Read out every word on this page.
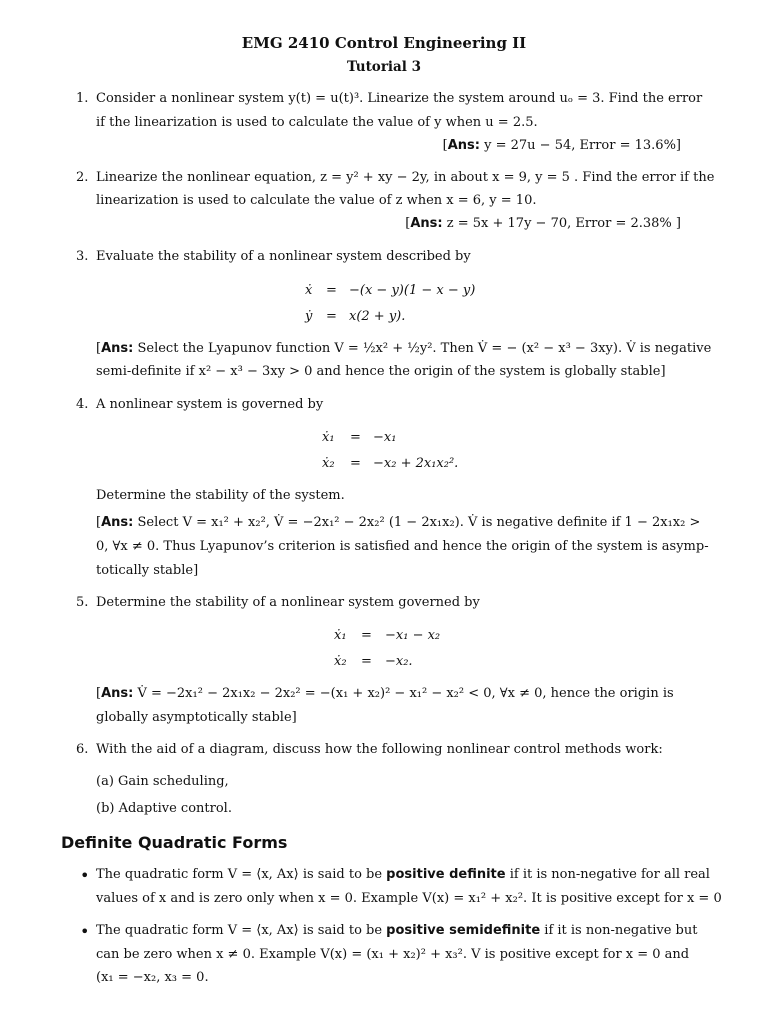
EMG 2410 Control Engineering II
Tutorial 3
1. Consider a nonlinear system y(t) = u(t)³. Linearize the system around uₒ = 3. Find the error
if the linearization is used to calculate the value of y when u = 2.5.
[Ans: y = 27u − 54, Error = 13.6%]
2. Linearize the nonlinear equation, z = y² + xy − 2y, in about x = 9, y = 5 . Find the error if the
linearization is used to calculate the value of z when x = 6, y = 10.
[Ans: z = 5x + 17y − 70, Error = 2.38% ]
3. Evaluate the stability of a nonlinear system described by
ẋ = −(x − y)(1 − x − y)
ẏ = x(2 + y).
[Ans: Select the Lyapunov function V = ½x² + ½y². Then V̇ = − (x² − x³ − 3xy). V̇ is negative
semi-definite if x² − x³ − 3xy > 0 and hence the origin of the system is globally stable]
4. A nonlinear system is governed by
ẋ₁ = −x₁
ẋ₂ = −x₂ + 2x₁x₂².
Determine the stability of the system.
[Ans: Select V = x₁² + x₂², V̇ = −2x₁² − 2x₂² (1 − 2x₁x₂). V̇ is negative definite if 1 − 2x₁x₂ >
0, ∀x ≠ 0. Thus Lyapunov’s criterion is satisfied and hence the origin of the system is asymp-
totically stable]
5. Determine the stability of a nonlinear system governed by
ẋ₁ = −x₁ − x₂
ẋ₂ = −x₂.
[Ans: V̇ = −2x₁² − 2x₁x₂ − 2x₂² = −(x₁ + x₂)² − x₁² − x₂² < 0, ∀x ≠ 0, hence the origin is
globally asymptotically stable]
6. With the aid of a diagram, discuss how the following nonlinear control methods work:
(a) Gain scheduling,
(b) Adaptive control.
Definite Quadratic Forms
• The quadratic form V = ⟨x, Ax⟩ is said to be positive definite if it is non-negative for all real
values of x and is zero only when x = 0. Example V(x) = x₁² + x₂². It is positive except for x = 0
• The quadratic form V = ⟨x, Ax⟩ is said to be positive semidefinite if it is non-negative but
can be zero when x ≠ 0. Example V(x) = (x₁ + x₂)² + x₃². V is positive except for x = 0 and
(x₁ = −x₂, x₃ = 0.
